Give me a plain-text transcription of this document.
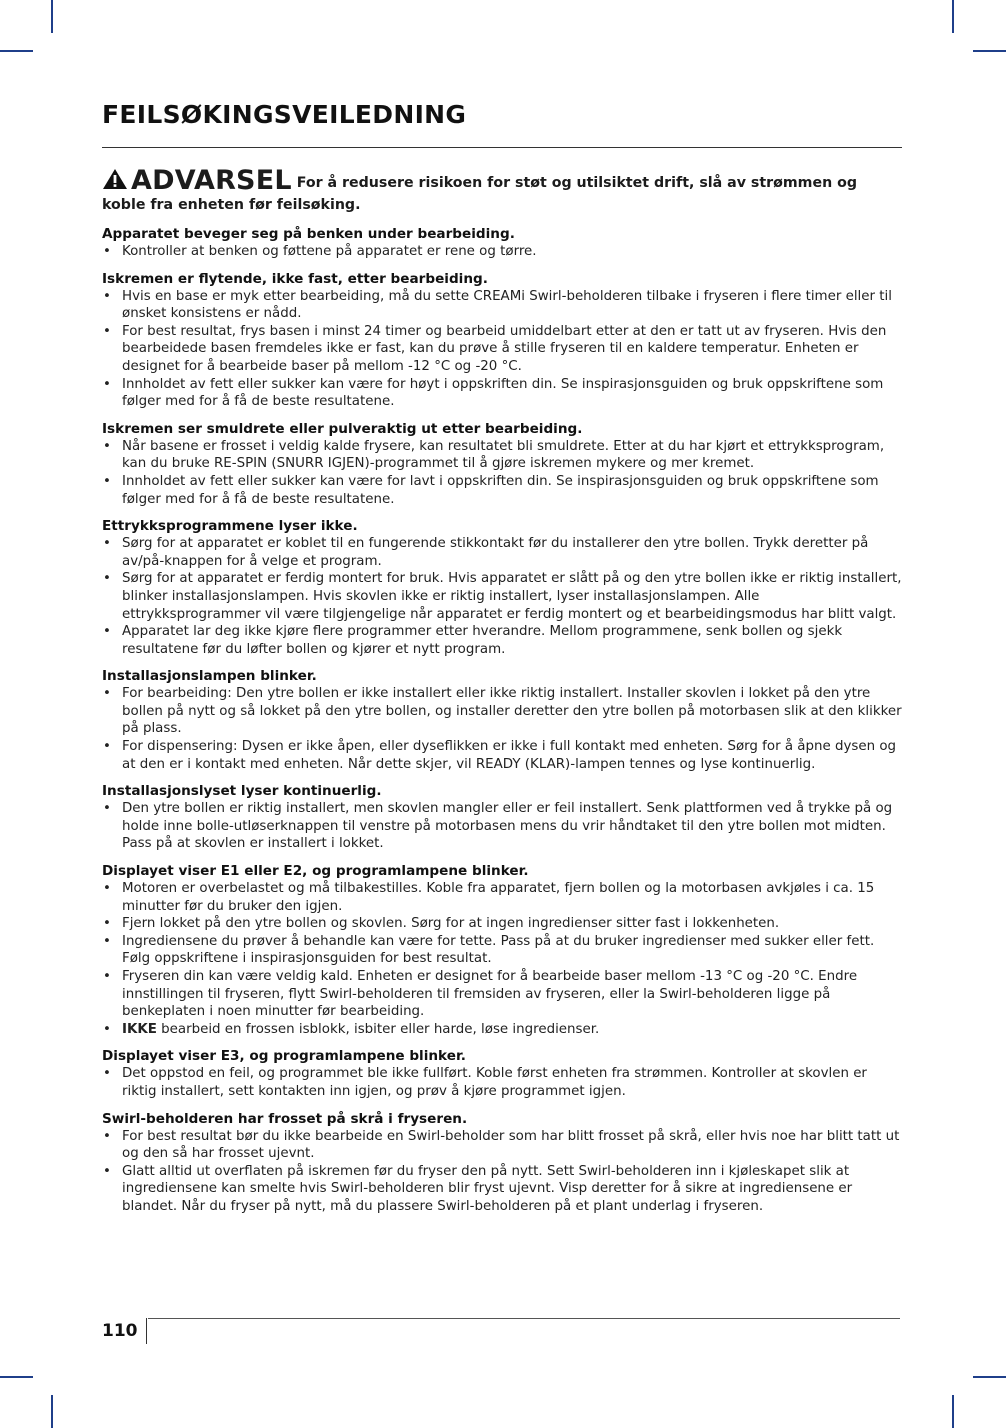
FEILSØKINGSVEILEDNING

ADVARSEL For å redusere risikoen for støt og utilsiktet drift, slå av strømmen og koble fra enheten før feilsøking.

Apparatet beveger seg på benken under bearbeiding.
• Kontroller at benken og føttene på apparatet er rene og tørre.
Iskremen er flytende, ikke fast, etter bearbeiding.
• Hvis en base er myk etter bearbeiding, må du sette CREAMi Swirl-beholderen tilbake i fryseren i flere timer eller til ønsket konsistens er nådd.
• For best resultat, frys basen i minst 24 timer og bearbeid umiddelbart etter at den er tatt ut av fryseren. Hvis den bearbeidede basen fremdeles ikke er fast, kan du prøve å stille fryseren til en kaldere temperatur. Enheten er designet for å bearbeide baser på mellom -12 °C og -20 °C.
• Innholdet av fett eller sukker kan være for høyt i oppskriften din. Se inspirasjonsguiden og bruk oppskriftene som følger med for å få de beste resultatene.
Iskremen ser smuldrete eller pulveraktig ut etter bearbeiding.
• Når basene er frosset i veldig kalde frysere, kan resultatet bli smuldrete. Etter at du har kjørt et ettrykksprogram, kan du bruke RE-SPIN (SNURR IGJEN)-programmet til å gjøre iskremen mykere og mer kremet.
• Innholdet av fett eller sukker kan være for lavt i oppskriften din. Se inspirasjonsguiden og bruk oppskriftene som følger med for å få de beste resultatene.
Ettrykksprogrammene lyser ikke.
• Sørg for at apparatet er koblet til en fungerende stikkontakt før du installerer den ytre bollen. Trykk deretter på av/på-knappen for å velge et program.
• Sørg for at apparatet er ferdig montert for bruk. Hvis apparatet er slått på og den ytre bollen ikke er riktig installert, blinker installasjonslampen. Hvis skovlen ikke er riktig installert, lyser installasjonslampen. Alle ettrykksprogrammer vil være tilgjengelige når apparatet er ferdig montert og et bearbeidingsmodus har blitt valgt.
• Apparatet lar deg ikke kjøre flere programmer etter hverandre. Mellom programmene, senk bollen og sjekk resultatene før du løfter bollen og kjører et nytt program.
Installasjonslampen blinker.
• For bearbeiding: Den ytre bollen er ikke installert eller ikke riktig installert. Installer skovlen i lokket på den ytre bollen på nytt og så lokket på den ytre bollen, og installer deretter den ytre bollen på motorbasen slik at den klikker på plass.
• For dispensering: Dysen er ikke åpen, eller dyseflikken er ikke i full kontakt med enheten. Sørg for å åpne dysen og at den er i kontakt med enheten. Når dette skjer, vil READY (KLAR)-lampen tennes og lyse kontinuerlig.
Installasjonslyset lyser kontinuerlig.
• Den ytre bollen er riktig installert, men skovlen mangler eller er feil installert. Senk plattformen ved å trykke på og holde inne bolle-utløserknappen til venstre på motorbasen mens du vrir håndtaket til den ytre bollen mot midten. Pass på at skovlen er installert i lokket.
Displayet viser E1 eller E2, og programlampene blinker.
• Motoren er overbelastet og må tilbakestilles. Koble fra apparatet, fjern bollen og la motorbasen avkjøles i ca. 15 minutter før du bruker den igjen.
• Fjern lokket på den ytre bollen og skovlen. Sørg for at ingen ingredienser sitter fast i lokkenheten.
• Ingrediensene du prøver å behandle kan være for tette. Pass på at du bruker ingredienser med sukker eller fett. Følg oppskriftene i inspirasjonsguiden for best resultat.
• Fryseren din kan være veldig kald. Enheten er designet for å bearbeide baser mellom -13 °C og -20 °C. Endre innstillingen til fryseren, flytt Swirl-beholderen til fremsiden av fryseren, eller la Swirl-beholderen ligge på benkeplaten i noen minutter før bearbeiding.
• IKKE bearbeid en frossen isblokk, isbiter eller harde, løse ingredienser.
Displayet viser E3, og programlampene blinker.
• Det oppstod en feil, og programmet ble ikke fullført. Koble først enheten fra strømmen. Kontroller at skovlen er riktig installert, sett kontakten inn igjen, og prøv å kjøre programmet igjen.
Swirl-beholderen har frosset på skrå i fryseren.
• For best resultat bør du ikke bearbeide en Swirl-beholder som har blitt frosset på skrå, eller hvis noe har blitt tatt ut og den så har frosset ujevnt.
• Glatt alltid ut overflaten på iskremen før du fryser den på nytt. Sett Swirl-beholderen inn i kjøleskapet slik at ingrediensene kan smelte hvis Swirl-beholderen blir fryst ujevnt. Visp deretter for å sikre at ingrediensene er blandet. Når du fryser på nytt, må du plassere Swirl-beholderen på et plant underlag i fryseren.
110
